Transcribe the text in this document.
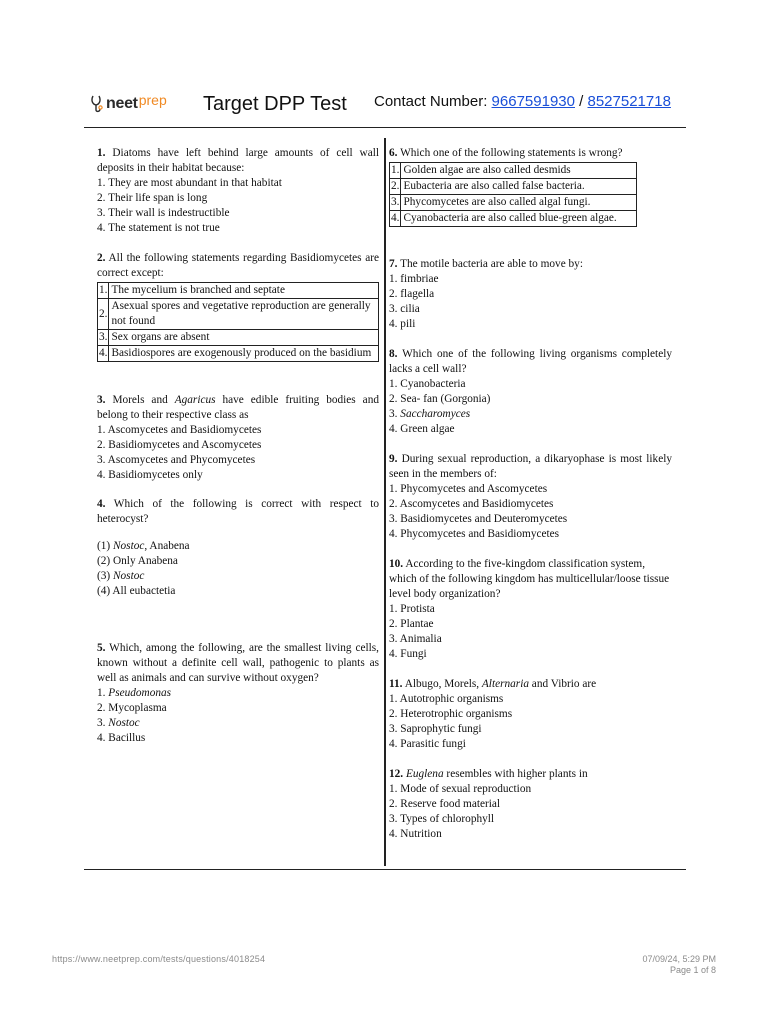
neet prep Target DPP Test Contact Number: 9667591930 / 8527521718

1. Diatoms have left behind large amounts of cell wall deposits in their habitat because:

1. They are most abundant in that habitat
2. Their life span is long
3. Their wall is indestructible
4. The statement is not true

2. All the following statements regarding Basidiomycetes are correct except:

1.	The mycelium is branched and septate
2.	Asexual spores and vegetative reproduction are generally not found
3.	Sex organs are absent
4.	Basidiospores are exogenously produced on the basidium

3. Morels and Agaricus have edible fruiting bodies and belong to their respective class as

1. Ascomycetes and Basidiomycetes
2. Basidiomycetes and Ascomycetes
3. Ascomycetes and Phycomycetes
4. Basidiomycetes only

4. Which of the following is correct with respect to heterocyst?

(1) Nostoc, Anabena
(2) Only Anabena
(3) Nostoc
(4) All eubactetia

5. Which, among the following, are the smallest living cells, known without a definite cell wall, pathogenic to plants as well as animals and can survive without oxygen?

1. Pseudomonas
2. Mycoplasma
3. Nostoc
4. Bacillus

6. Which one of the following statements is wrong?

1.	Golden algae are also called desmids
2.	Eubacteria are also called false bacteria.
3.	Phycomycetes are also called algal fungi.
4.	Cyanobacteria are also called blue-green algae.

7. The motile bacteria are able to move by:

1. fimbriae
2. flagella
3. cilia
4. pili

8. Which one of the following living organisms completely lacks a cell wall?

1. Cyanobacteria
2. Sea- fan (Gorgonia)
3. Saccharomyces
4. Green algae

9. During sexual reproduction, a dikaryophase is most likely seen in the members of:

1. Phycomycetes and Ascomycetes
2. Ascomycetes and Basidiomycetes
3. Basidiomycetes and Deuteromycetes
4. Phycomycetes and Basidiomycetes

10. According to the five-kingdom classification system, which of the following kingdom has multicellular/loose tissue level body organization?

1. Protista
2. Plantae
3. Animalia
4. Fungi

11. Albugo, Morels, Alternaria and Vibrio are

1. Autotrophic organisms
2. Heterotrophic organisms
3. Saprophytic fungi
4. Parasitic fungi

12. Euglena resembles with higher plants in

1. Mode of sexual reproduction
2. Reserve food material
3. Types of chlorophyll
4. Nutrition
https://www.neetprep.com/tests/questions/4018254	07/09/24, 5:29 PM
Page 1 of 8
